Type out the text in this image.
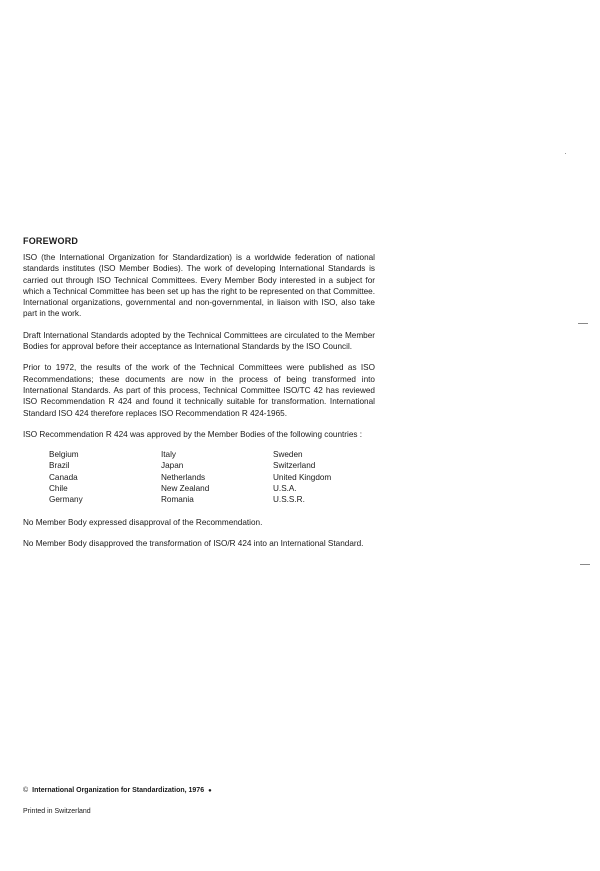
FOREWORD

ISO (the International Organization for Standardization) is a worldwide federation of national standards institutes (ISO Member Bodies). The work of developing International Standards is carried out through ISO Technical Committees. Every Member Body interested in a subject for which a Technical Committee has been set up has the right to be represented on that Committee. International organizations, governmental and non-governmental, in liaison with ISO, also take part in the work.

Draft International Standards adopted by the Technical Committees are circulated to the Member Bodies for approval before their acceptance as International Standards by the ISO Council.

Prior to 1972, the results of the work of the Technical Committees were published as ISO Recommendations; these documents are now in the process of being transformed into International Standards. As part of this process, Technical Committee ISO/TC 42 has reviewed ISO Recommendation R 424 and found it technically suitable for transformation. International Standard ISO 424 therefore replaces ISO Recommendation R 424-1965.

ISO Recommendation R 424 was approved by the Member Bodies of the following countries :

Belgium
Brazil
Canada
Chile
Germany
Italy
Japan
Netherlands
New Zealand
Romania
Sweden
Switzerland
United Kingdom
U.S.A.
U.S.S.R.

No Member Body expressed disapproval of the Recommendation.

No Member Body disapproved the transformation of ISO/R 424 into an International Standard.

© International Organization for Standardization, 1976 ●
Printed in Switzerland
